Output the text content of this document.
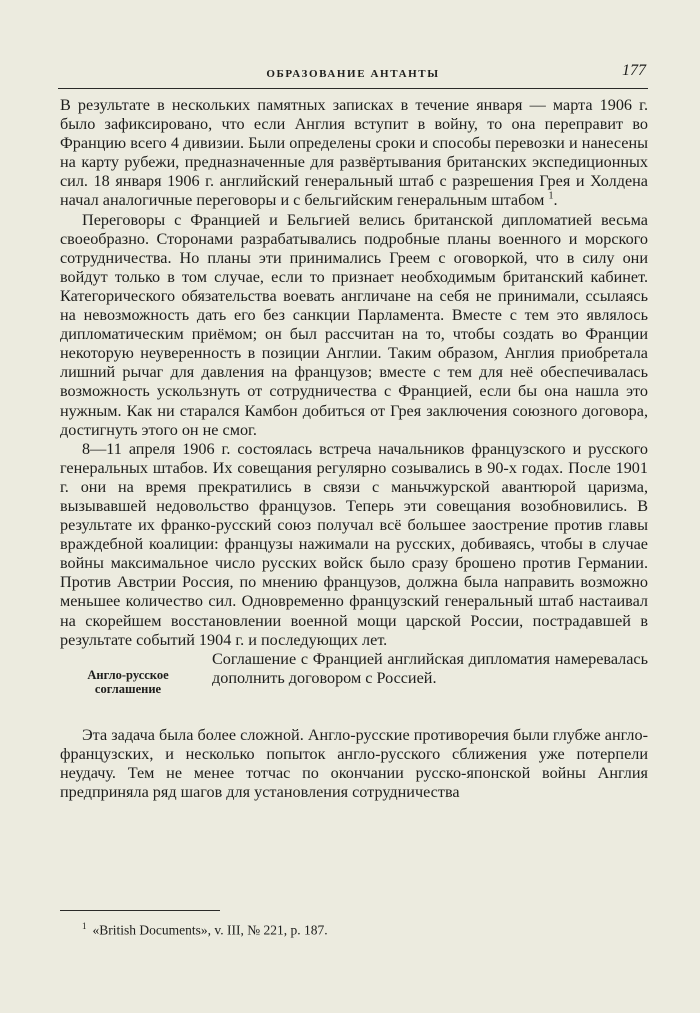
ОБРАЗОВАНИЕ АНТАНТЫ	177

В результате в нескольких памятных записках в течение января — марта 1906 г. было зафиксировано, что если Англия вступит в войну, то она переправит во Францию всего 4 дивизии. Были определены сроки и способы перевозки и нанесены на карту рубежи, предназначенные для развёртывания британских экспедиционных сил. 18 января 1906 г. английский генеральный штаб с разрешения Грея и Холдена начал аналогичные переговоры и с бельгийским генеральным штабом $^1$.

Переговоры с Францией и Бельгией велись британской дипломатией весьма своеобразно. Сторонами разрабатывались подробные планы военного и морского сотрудничества. Но планы эти принимались Греем с оговоркой, что в силу они войдут только в том случае, если то признает необходимым британский кабинет. Категорического обязательства воевать англичане на себя не принимали, ссылаясь на невозможность дать его без санкции Парламента. Вместе с тем это являлось дипломатическим приёмом; он был рассчитан на то, чтобы создать во Франции некоторую неуверенность в позиции Англии. Таким образом, Англия приобретала лишний рычаг для давления на французов; вместе с тем для неё обеспечивалась возможность ускользнуть от сотрудничества с Францией, если бы она нашла это нужным. Как ни старался Камбон добиться от Грея заключения союзного договора, достигнуть этого он не смог.

8—11 апреля 1906 г. состоялась встреча начальников французского и русского генеральных штабов. Их совещания регулярно созывались в 90-х годах. После 1901 г. они на время прекратились в связи с маньчжурской авантюрой царизма, вызывавшей недовольство французов. Теперь эти совещания возобновились. В результате их франко-русский союз получал всё большее заострение против главы враждебной коалиции: французы нажимали на русских, добиваясь, чтобы в случае войны максимальное число русских войск было сразу брошено против Германии. Против Австрии Россия, по мнению французов, должна была направить возможно меньшее количество сил. Одновременно французский генеральный штаб настаивал на скорейшем восстановлении военной мощи царской России, пострадавшей в результате событий 1904 г. и последующих лет.

Англо-русское соглашение

Соглашение с Францией английская дипломатия намеревалась дополнить договором с Россией.

Эта задача была более сложной. Англо-русские противоречия были глубже англо-французских, и несколько попыток англо-русского сближения уже потерпели неудачу. Тем не менее тотчас по окончании русско-японской войны Англия предприняла ряд шагов для установления сотрудничества

$^1$ «British Documents», v. III, № 221, p. 187.
